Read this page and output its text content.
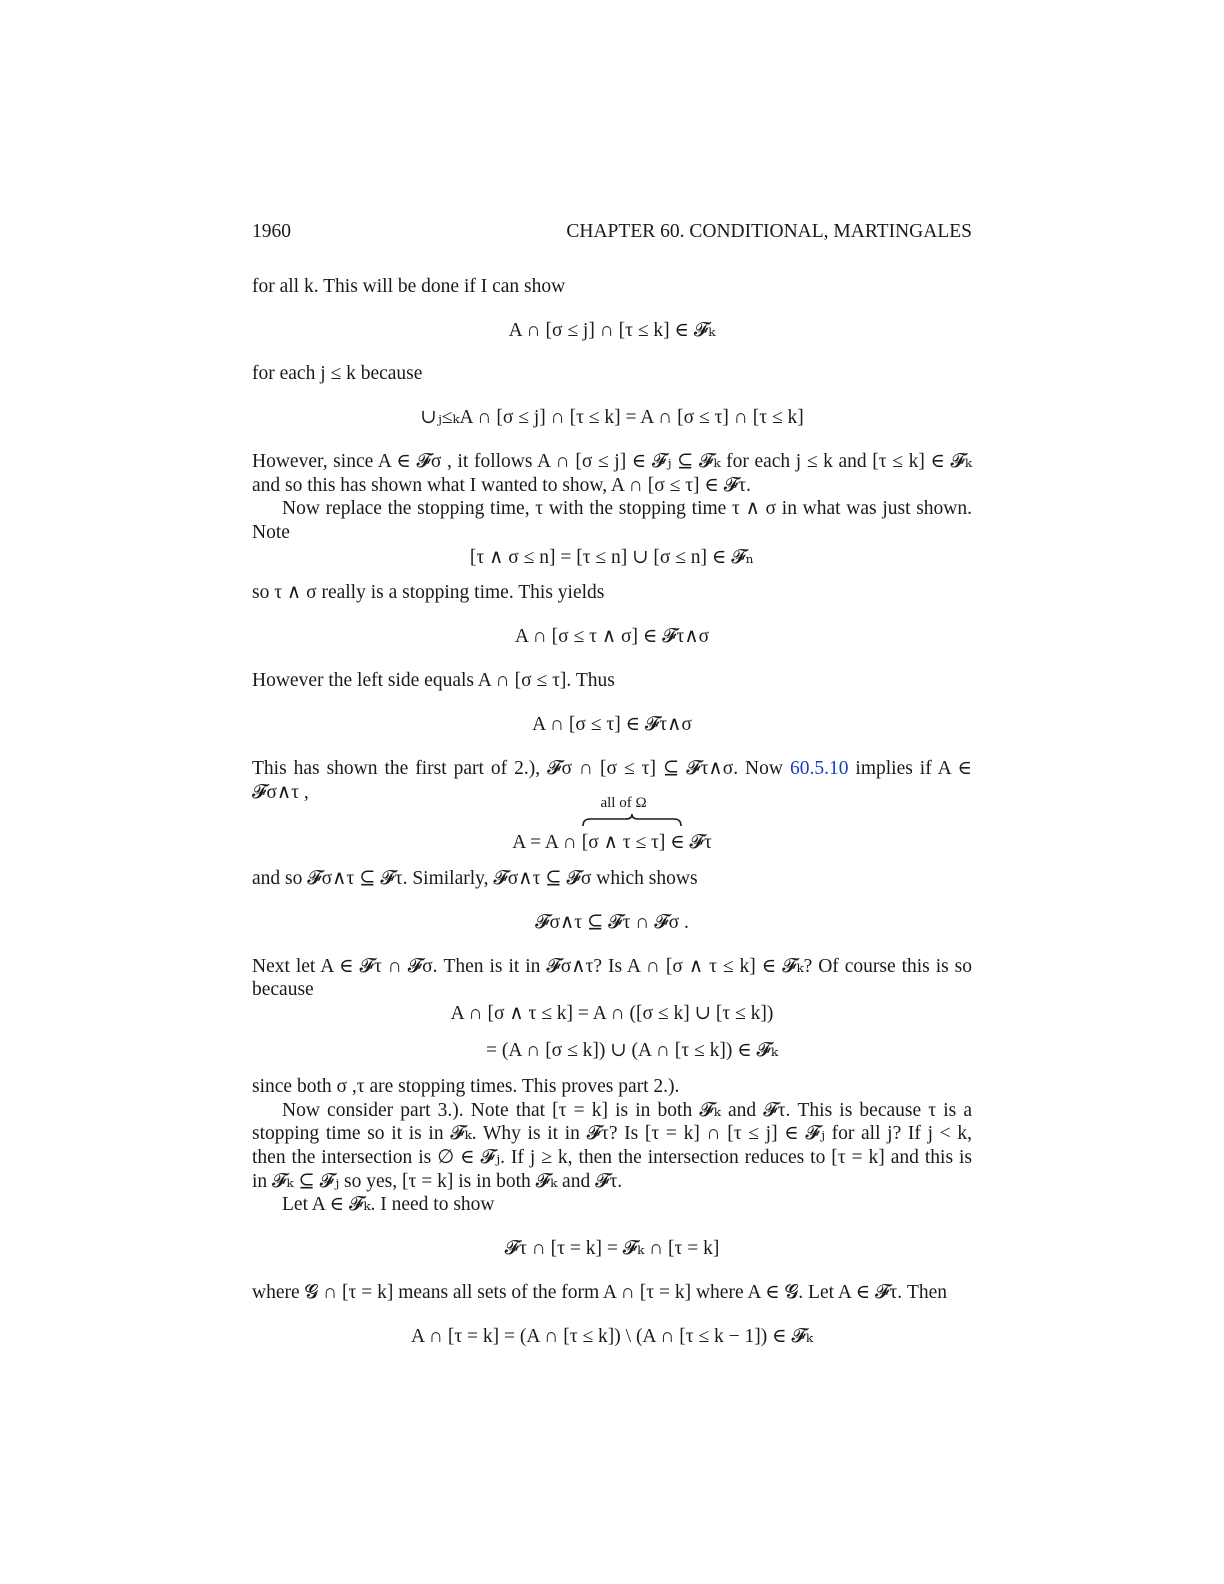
1960	CHAPTER 60. CONDITIONAL, MARTINGALES
for all k. This will be done if I can show
A ∩ [σ ≤ j] ∩ [τ ≤ k] ∈ 𝓕ₖ
for each j ≤ k because
∪ⱼ≤ₖA ∩ [σ ≤ j] ∩ [τ ≤ k] = A ∩ [σ ≤ τ] ∩ [τ ≤ k]
However, since A ∈ 𝓕σ , it follows A ∩ [σ ≤ j] ∈ 𝓕ⱼ ⊆ 𝓕ₖ for each j ≤ k and [τ ≤ k] ∈ 𝓕ₖ
and so this has shown what I wanted to show, A ∩ [σ ≤ τ] ∈ 𝓕τ.
Now replace the stopping time, τ with the stopping time τ ∧ σ in what was just shown.
Note
[τ ∧ σ ≤ n] = [τ ≤ n] ∪ [σ ≤ n] ∈ 𝓕ₙ
so τ ∧ σ really is a stopping time. This yields
A ∩ [σ ≤ τ ∧ σ] ∈ 𝓕τ∧σ
However the left side equals A ∩ [σ ≤ τ]. Thus
A ∩ [σ ≤ τ] ∈ 𝓕τ∧σ
This has shown the first part of 2.), 𝓕σ ∩ [σ ≤ τ] ⊆ 𝓕τ∧σ. Now 60.5.10 implies if A ∈
𝓕σ∧τ ,
A = A ∩
all of Ω
[σ ∧ τ ≤ τ] ∈ 𝓕τ
and so 𝓕σ∧τ ⊆ 𝓕τ. Similarly, 𝓕σ∧τ ⊆ 𝓕σ which shows
𝓕σ∧τ ⊆ 𝓕τ ∩ 𝓕σ .
Next let A ∈ 𝓕τ ∩ 𝓕σ. Then is it in 𝓕σ∧τ? Is A ∩ [σ ∧ τ ≤ k] ∈ 𝓕ₖ? Of course this is so
because
A ∩ [σ ∧ τ ≤ k] = A ∩ ([σ ≤ k] ∪ [τ ≤ k])
= (A ∩ [σ ≤ k]) ∪ (A ∩ [τ ≤ k]) ∈ 𝓕ₖ
since both σ ,τ are stopping times. This proves part 2.).
Now consider part 3.). Note that [τ = k] is in both 𝓕ₖ and 𝓕τ. This is because τ is a
stopping time so it is in 𝓕ₖ. Why is it in 𝓕τ? Is [τ = k] ∩ [τ ≤ j] ∈ 𝓕ⱼ for all j? If j < k,
then the intersection is ∅ ∈ 𝓕ⱼ. If j ≥ k, then the intersection reduces to [τ = k] and this is
in 𝓕ₖ ⊆ 𝓕ⱼ so yes, [τ = k] is in both 𝓕ₖ and 𝓕τ.
Let A ∈ 𝓕ₖ. I need to show
𝓕τ ∩ [τ = k] = 𝓕ₖ ∩ [τ = k]
where 𝓖 ∩ [τ = k] means all sets of the form A ∩ [τ = k] where A ∈ 𝓖. Let A ∈ 𝓕τ. Then
A ∩ [τ = k] = (A ∩ [τ ≤ k]) \ (A ∩ [τ ≤ k − 1]) ∈ 𝓕ₖ
